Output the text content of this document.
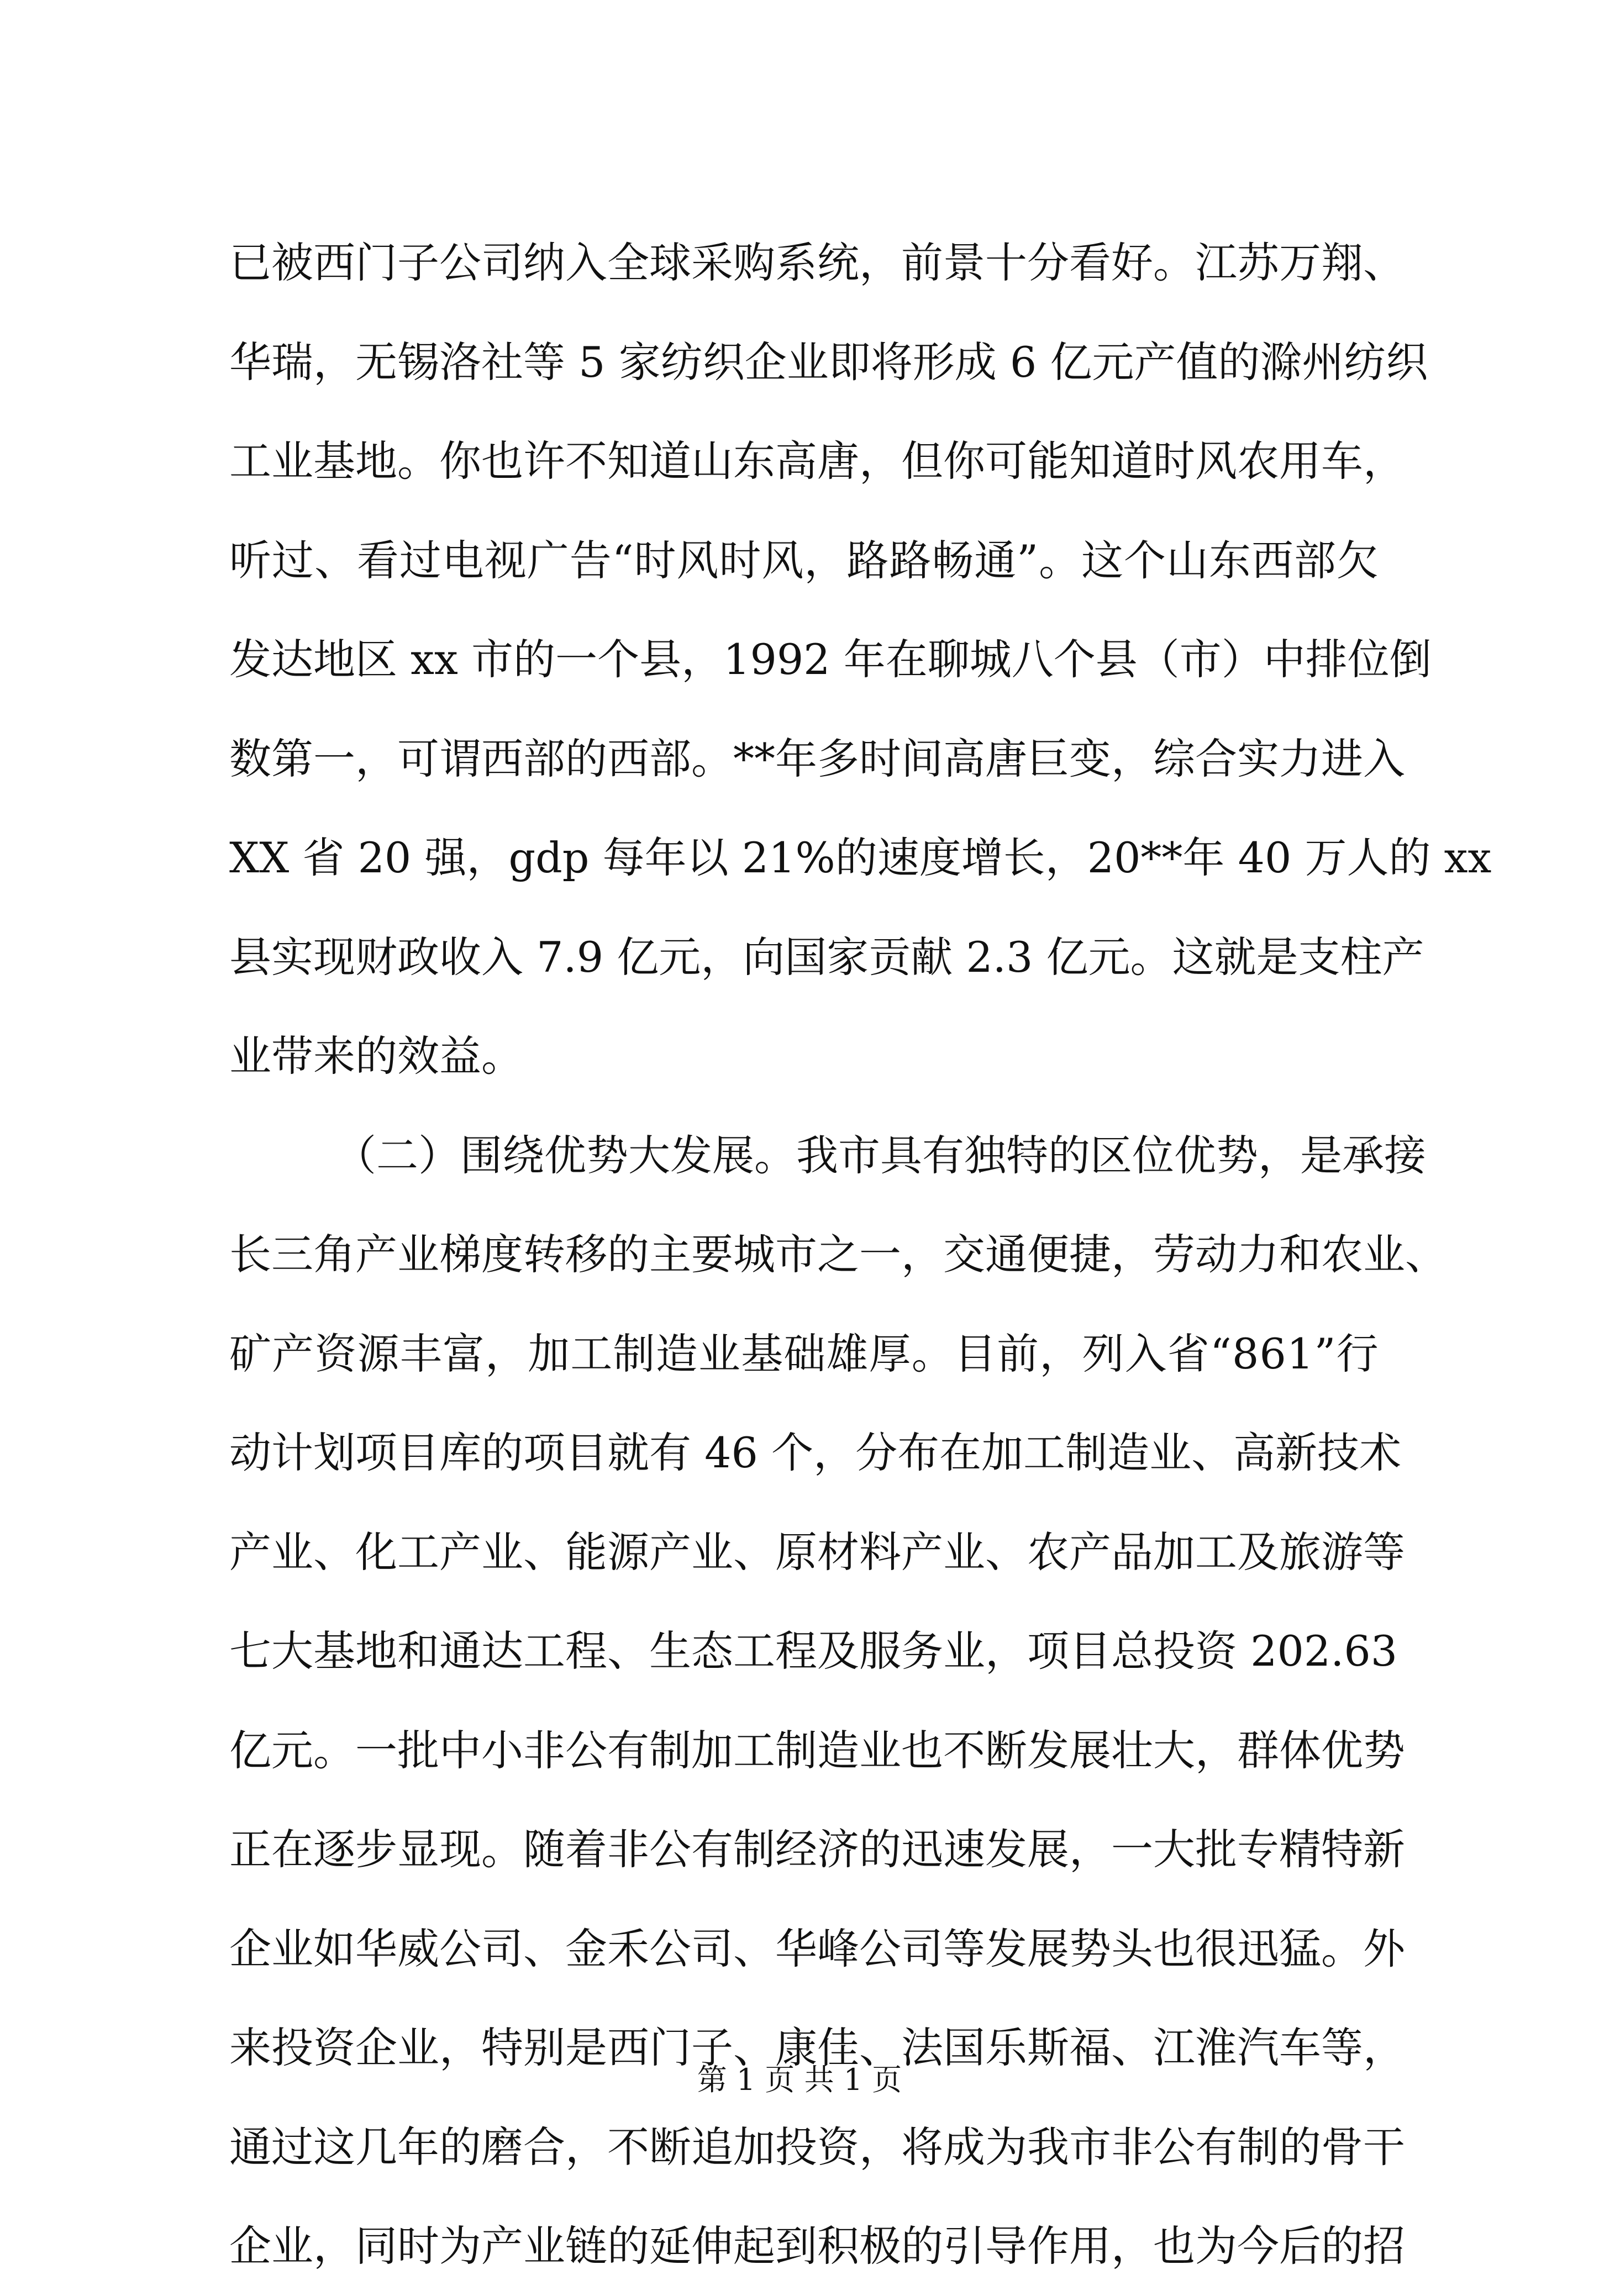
已 被 西 门 子 公 司 纳 入 全 球 采 购 系 统 ， 前 景 十 分 看 好 。 江 苏 万 翔 、
华 瑞 ， 无 锡 洛 社 等
5
家 纺 织 企 业 即 将 形 成
6
亿 元 产 值 的 滁 州 纺 织
工 业 基 地 。 你 也 许 不 知 道 山 东 高 唐 ， 但 你 可 能 知 道 时 风 农 用 车 ，
听 过 、 看 过 电 视 广 告 “ 时 风 时 风 ， 路 路 畅 通 ” 。 这 个 山 东 西 部 欠
发 达 地 区
x x
市 的 一 个 县 ， 1 9 9 2
年 在 聊 城 八 个 县 （ 市 ） 中 排 位 倒
数 第 一 ， 可 谓 西 部 的 西 部 。 * * 年 多 时 间 高 唐 巨 变 ， 综 合 实 力 进 入
X X
省
2 0
强 ， g d p
每 年 以
2 1 % 的 速 度 增 长 ， 2 0 * * 年
4 0
万 人 的
x x
县 实 现 财 政 收 入
7 . 9
亿 元 ， 向 国 家 贡 献
2 . 3
亿 元 。 这 就 是 支 柱 产
业带来的效益。
（ 二 ） 围 绕 优 势 大 发 展 。 我 市 具 有 独 特 的 区 位 优 势 ， 是 承 接
长 三 角 产 业 梯 度 转 移 的 主 要 城 市 之 一 ， 交 通 便 捷 ， 劳 动 力 和 农 业 、
矿 产 资 源 丰 富 ， 加 工 制 造 业 基 础 雄 厚 。 目 前 ， 列 入 省 “ 8 6 1 ” 行
动 计 划 项 目 库 的 项 目 就 有
4 6
个 ， 分 布 在 加 工 制 造 业 、 高 新 技 术
产 业 、 化 工 产 业 、 能 源 产 业 、 原 材 料 产 业 、 农 产 品 加 工 及 旅 游 等
七 大 基 地 和 通 达 工 程 、 生 态 工 程 及 服 务 业 ， 项 目 总 投 资
2 0 2 . 6 3
亿 元 。 一 批 中 小 非 公 有 制 加 工 制 造 业 也 不 断 发 展 壮 大 ， 群 体 优 势
正 在 逐 步 显 现 。 随 着 非 公 有 制 经 济 的 迅 速 发 展 ， 一 大 批 专 精 特 新
企 业 如 华 威 公 司 、 金 禾 公 司 、 华 峰 公 司 等 发 展 势 头 也 很 迅 猛 。 外
来 投 资 企 业 ， 特 别 是 西 门 子 、 康 佳 、 法 国 乐 斯 福 、 江 淮 汽 车 等 ，
通 过 这 几 年 的 磨 合 ， 不 断 追 加 投 资 ， 将 成 为 我 市 非 公 有 制 的 骨 干
企 业 ， 同 时 为 产 业 链 的 延 伸 起 到 积 极 的 引 导 作 用 ， 也 为 今 后 的 招
第 1 页 共 1 页
